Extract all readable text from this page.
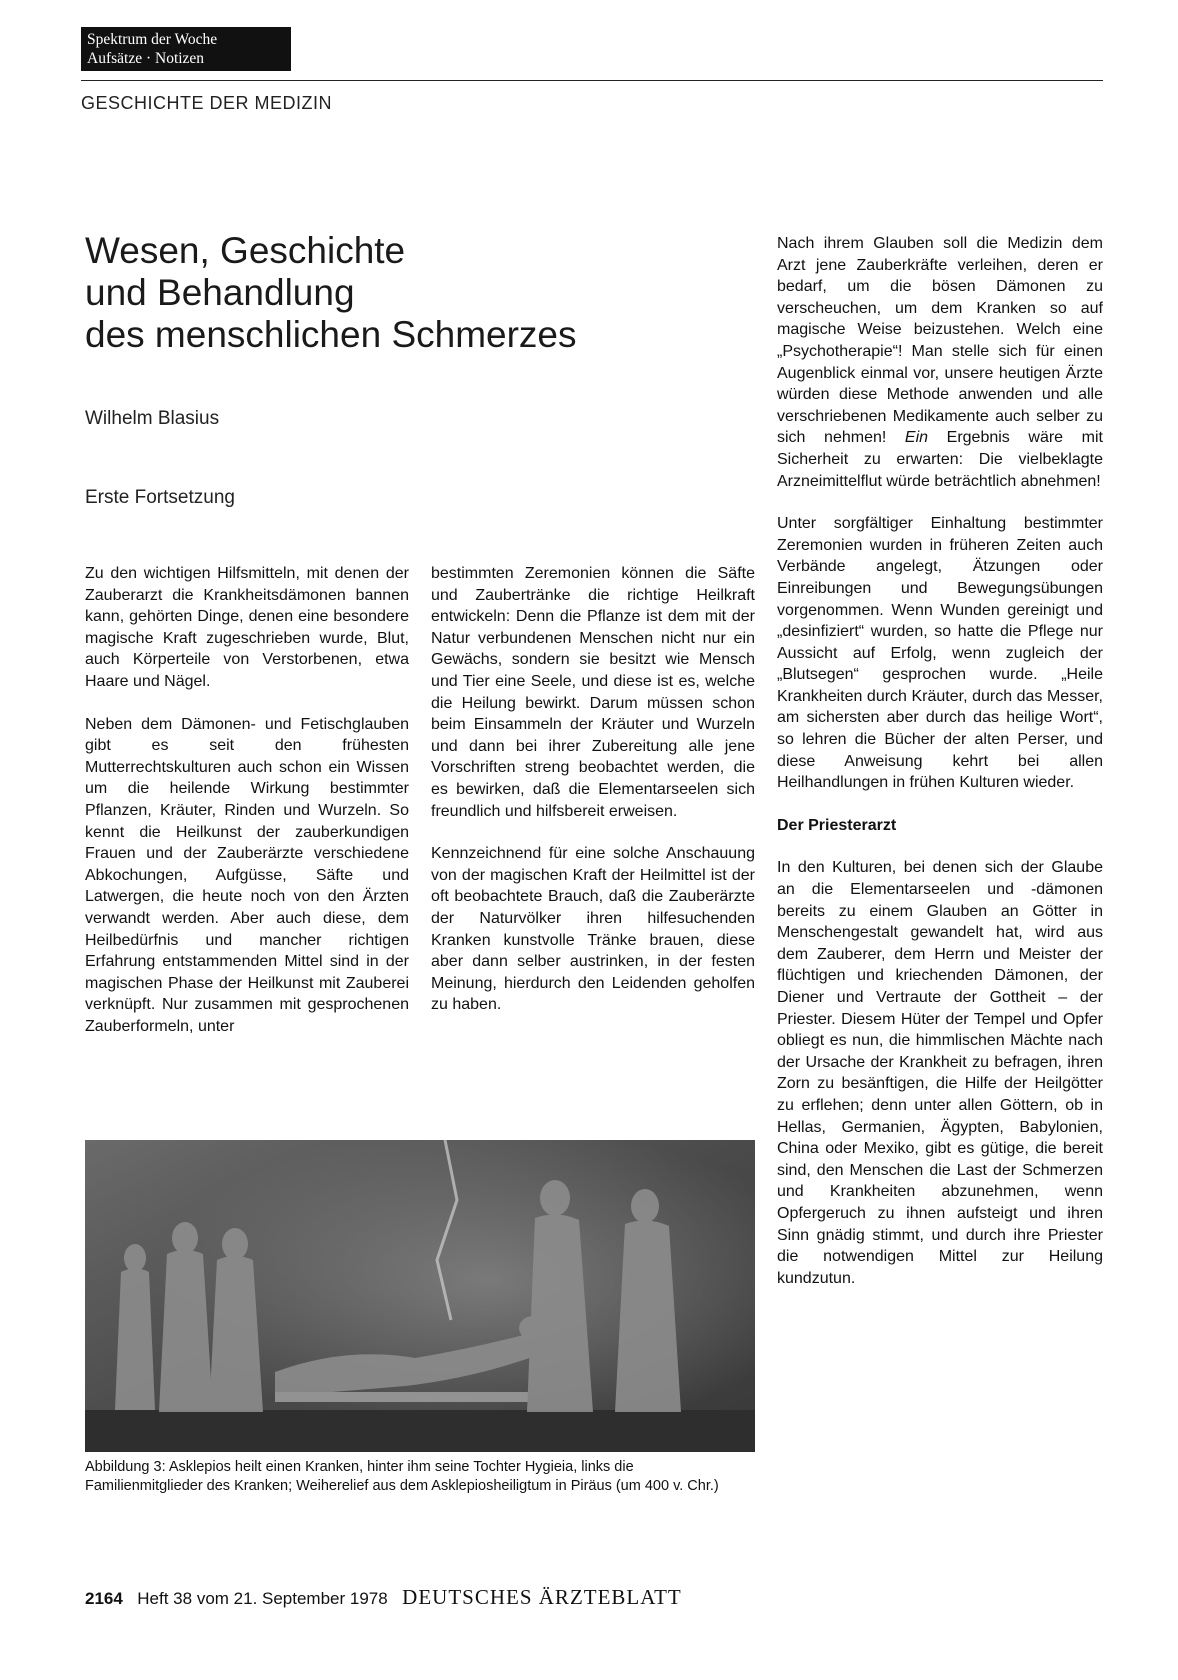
Spektrum der Woche
Aufsätze · Notizen
GESCHICHTE DER MEDIZIN
Wesen, Geschichte
und Behandlung
des menschlichen Schmerzes
Wilhelm Blasius
Erste Fortsetzung

Zu den wichtigen Hilfsmitteln, mit denen der Zauberarzt die Krankheitsdämonen bannen kann, gehörten Dinge, denen eine besondere magische Kraft zugeschrieben wurde, Blut, auch Körperteile von Verstorbenen, etwa Haare und Nägel.

Neben dem Dämonen- und Fetischglauben gibt es seit den frühesten Mutterrechtskulturen auch schon ein Wissen um die heilende Wirkung bestimmter Pflanzen, Kräuter, Rinden und Wurzeln. So kennt die Heilkunst der zauberkundigen Frauen und der Zauberärzte verschiedene Abkochungen, Aufgüsse, Säfte und Latwergen, die heute noch von den Ärzten verwandt werden. Aber auch diese, dem Heilbedürfnis und mancher richtigen Erfahrung entstammenden Mittel sind in der magischen Phase der Heilkunst mit Zauberei verknüpft. Nur zusammen mit gesprochenen Zauberformeln, unter

bestimmten Zeremonien können die Säfte und Zaubertränke die richtige Heilkraft entwickeln: Denn die Pflanze ist dem mit der Natur verbundenen Menschen nicht nur ein Gewächs, sondern sie besitzt wie Mensch und Tier eine Seele, und diese ist es, welche die Heilung bewirkt. Darum müssen schon beim Einsammeln der Kräuter und Wurzeln und dann bei ihrer Zubereitung alle jene Vorschriften streng beobachtet werden, die es bewirken, daß die Elementarseelen sich freundlich und hilfsbereit erweisen.

Kennzeichnend für eine solche Anschauung von der magischen Kraft der Heilmittel ist der oft beobachtete Brauch, daß die Zauberärzte der Naturvölker ihren hilfesuchenden Kranken kunstvolle Tränke brauen, diese aber dann selber austrinken, in der festen Meinung, hierdurch den Leidenden geholfen zu haben.

Nach ihrem Glauben soll die Medizin dem Arzt jene Zauberkräfte verleihen, deren er bedarf, um die bösen Dämonen zu verscheuchen, um dem Kranken so auf magische Weise beizustehen. Welch eine „Psychotherapie“! Man stelle sich für einen Augenblick einmal vor, unsere heutigen Ärzte würden diese Methode anwenden und alle verschriebenen Medikamente auch selber zu sich nehmen! Ein Ergebnis wäre mit Sicherheit zu erwarten: Die vielbeklagte Arzneimittelflut würde beträchtlich abnehmen!

Unter sorgfältiger Einhaltung bestimmter Zeremonien wurden in früheren Zeiten auch Verbände angelegt, Ätzungen oder Einreibungen und Bewegungsübungen vorgenommen. Wenn Wunden gereinigt und „desinfiziert“ wurden, so hatte die Pflege nur Aussicht auf Erfolg, wenn zugleich der „Blutsegen“ gesprochen wurde. „Heile Krankheiten durch Kräuter, durch das Messer, am sichersten aber durch das heilige Wort“, so lehren die Bücher der alten Perser, und diese Anweisung kehrt bei allen Heilhandlungen in frühen Kulturen wieder.

Der Priesterarzt

In den Kulturen, bei denen sich der Glaube an die Elementarseelen und -dämonen bereits zu einem Glauben an Götter in Menschengestalt gewandelt hat, wird aus dem Zauberer, dem Herrn und Meister der flüchtigen und kriechenden Dämonen, der Diener und Vertraute der Gottheit – der Priester. Diesem Hüter der Tempel und Opfer obliegt es nun, die himmlischen Mächte nach der Ursache der Krankheit zu befragen, ihren Zorn zu besänftigen, die Hilfe der Heilgötter zu erflehen; denn unter allen Göttern, ob in Hellas, Germanien, Ägypten, Babylonien, China oder Mexiko, gibt es gütige, die bereit sind, den Menschen die Last der Schmerzen und Krankheiten abzunehmen, wenn Opfergeruch zu ihnen aufsteigt und ihren Sinn gnädig stimmt, und durch ihre Priester die notwendigen Mittel zur Heilung kundzutun.

Abbildung 3: Asklepios heilt einen Kranken, hinter ihm seine Tochter Hygieia, links die Familienmitglieder des Kranken; Weiherelief aus dem Asklepiosheiligtum in Piräus (um 400 v. Chr.)
2164 Heft 38 vom 21. September 1978 DEUTSCHES ÄRZTEBLATT
